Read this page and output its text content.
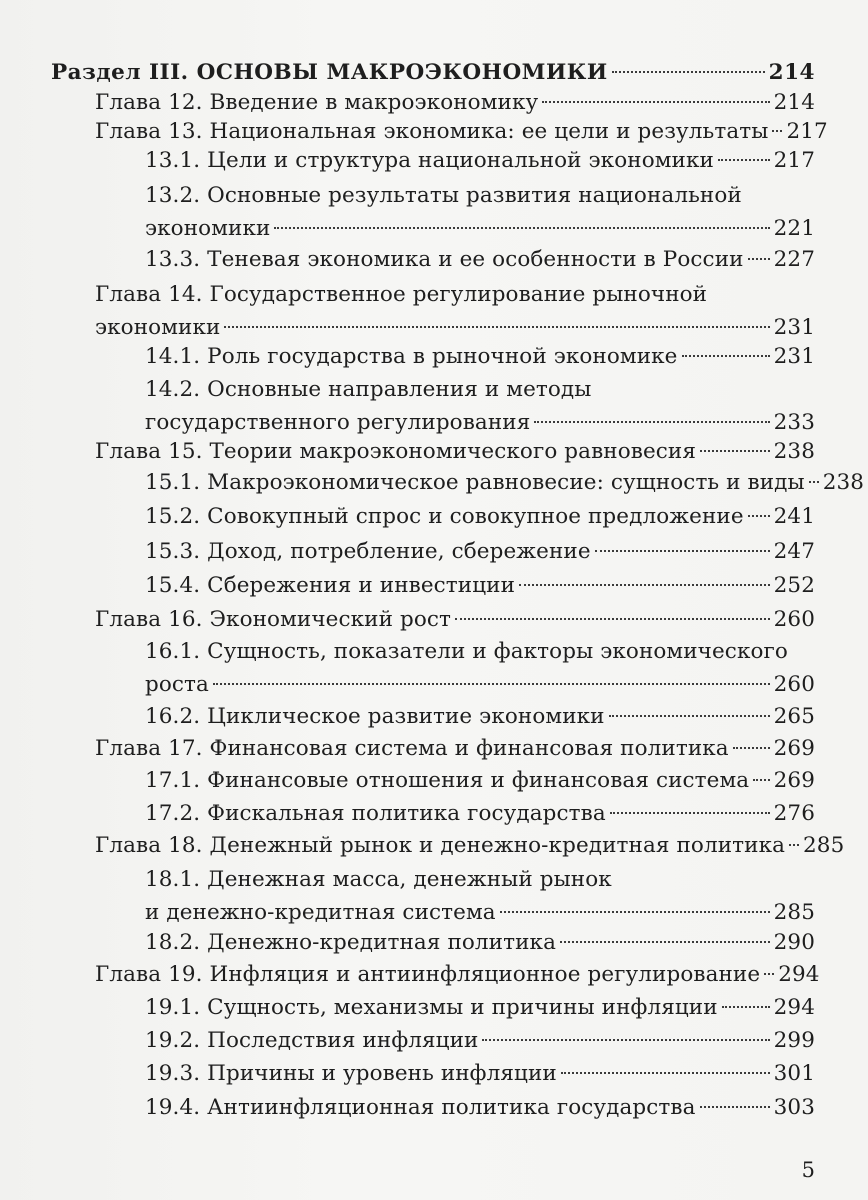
Раздел III. ОСНОВЫ МАКРОЭКОНОМИКИ	214
Глава 12. Введение в макроэкономику	214
Глава 13. Национальная экономика: ее цели и результаты 217
13.1. Цели и структура национальной экономики	217
13.2. Основные результаты развития национальной
экономики	221
13.3. Теневая экономика и ее особенности в России 227
Глава 14. Государственное регулирование рыночной
экономики	231
14.1. Роль государства в рыночной экономике	231
14.2. Основные направления и методы
государственного регулирования	233
Глава 15. Теории макроэкономического равновесия	238
15.1. Макроэкономическое равновесие: сущность и виды 238
15.2. Совокупный спрос и совокупное предложение 241
15.3. Доход, потребление, сбережение	247
15.4. Сбережения и инвестиции	252
Глава 16. Экономический рост	260
16.1. Сущность, показатели и факторы экономического
роста	260
16.2. Циклическое развитие экономики	265
Глава 17. Финансовая система и финансовая политика 269
17.1. Финансовые отношения и финансовая система 269
17.2. Фискальная политика государства	276
Глава 18. Денежный рынок и денежно-кредитная политика 285
18.1. Денежная масса, денежный рынок
и денежно-кредитная система	285
18.2. Денежно-кредитная политика	290
Глава 19. Инфляция и антиинфляционное регулирование 294
19.1. Сущность, механизмы и причины инфляции	294
19.2. Последствия инфляции	299
19.3. Причины и уровень инфляции	301
19.4. Антиинфляционная политика государства	303
5
